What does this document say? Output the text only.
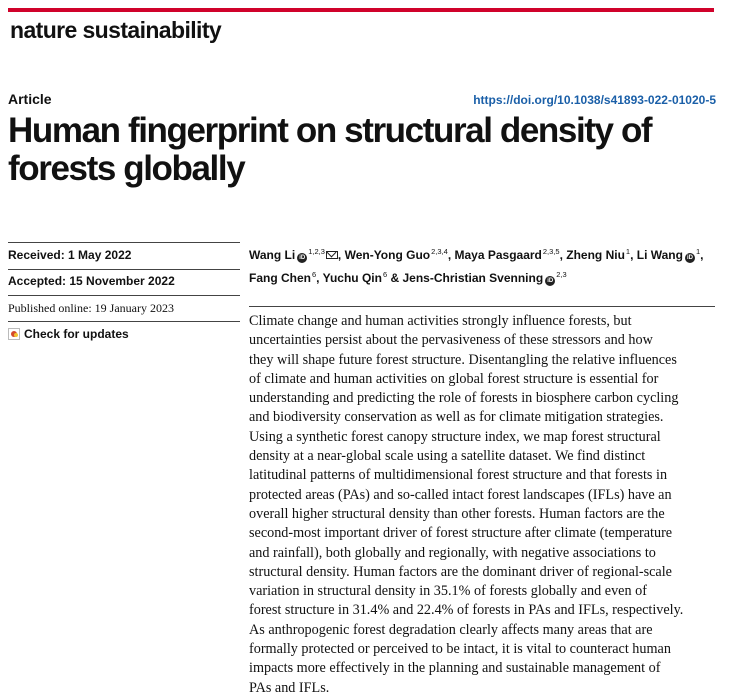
nature sustainability
Article	https://doi.org/10.1038/s41893-022-01020-5
Human fingerprint on structural density of
forests globally
Received: 1 May 2022
Accepted: 15 November 2022
Published online: 19 January 2023
Check for updates
Wang Li iD$^{1,2,3}$ , Wen-Yong Guo$^{2,3,4}$, Maya Pasgaard$^{2,3,5}$, Zheng Niu$^1$, Li Wang $iD^1$,
Fang Chen$^6$, Yuchu Qin$^6$ & Jens-Christian Svenning iD$^{2,3}$

Climate change and human activities strongly influence forests, but
uncertainties persist about the pervasiveness of these stressors and how
they will shape future forest structure. Disentangling the relative influences
of climate and human activities on global forest structure is essential for
understanding and predicting the role of forests in biosphere carbon cycling
and biodiversity conservation as well as for climate mitigation strategies.
Using a synthetic forest canopy structure index, we map forest structural
density at a near-global scale using a satellite dataset. We find distinct
latitudinal patterns of multidimensional forest structure and that forests in
protected areas (PAs) and so-called intact forest landscapes (IFLs) have an
overall higher structural density than other forests. Human factors are the
second-most important driver of forest structure after climate (temperature
and rainfall), both globally and regionally, with negative associations to
structural density. Human factors are the dominant driver of regional-scale
variation in structural density in 35.1% of forests globally and even of
forest structure in 31.4% and 22.4% of forests in PAs and IFLs, respectively.
As anthropogenic forest degradation clearly affects many areas that are
formally protected or perceived to be intact, it is vital to counteract human
impacts more effectively in the planning and sustainable management of
PAs and IFLs.
